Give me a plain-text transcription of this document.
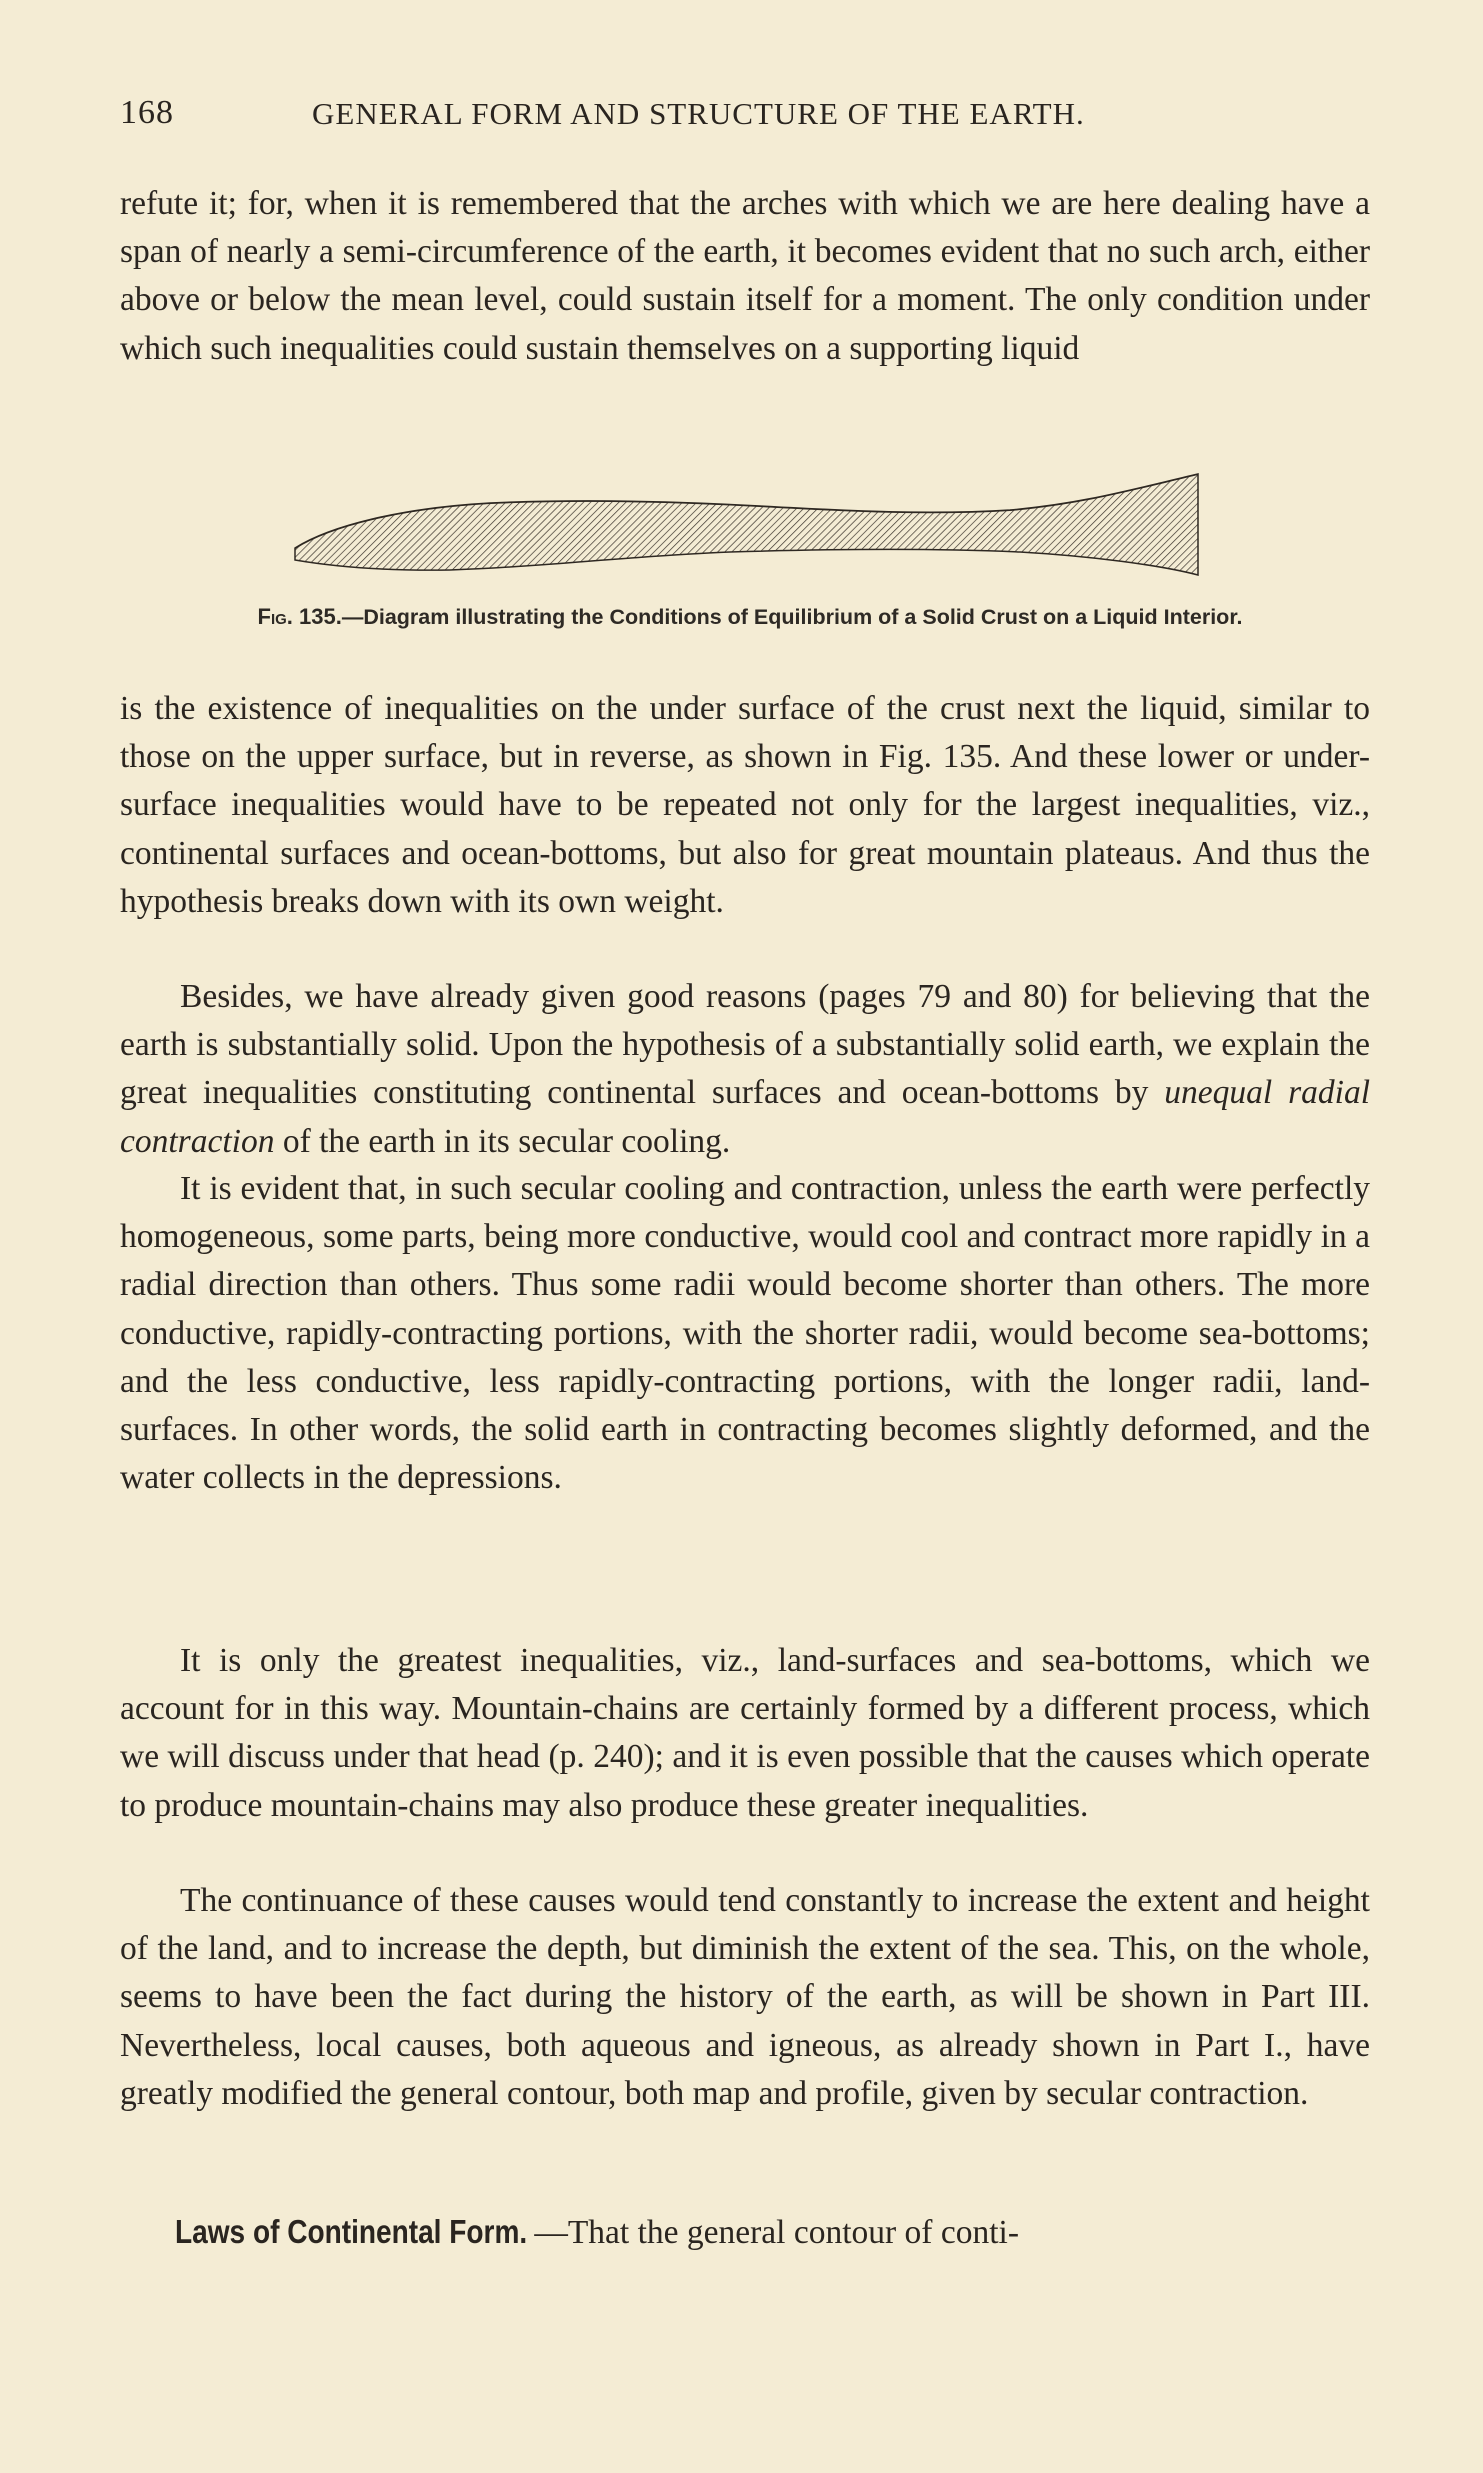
168	GENERAL FORM AND STRUCTURE OF THE EARTH.

refute it; for, when it is remembered that the arches with which we are here dealing have a span of nearly a semi-circumference of the earth, it becomes evident that no such arch, either above or below the mean level, could sustain itself for a moment. The only condition under which such inequalities could sustain themselves on a supporting liquid

Fig. 135.—Diagram illustrating the Conditions of Equilibrium of a Solid Crust on a Liquid Interior.

is the existence of inequalities on the under surface of the crust next the liquid, similar to those on the upper surface, but in reverse, as shown in Fig. 135. And these lower or under-surface inequalities would have to be repeated not only for the largest inequalities, viz., continental surfaces and ocean-bottoms, but also for great mountain plateaus. And thus the hypothesis breaks down with its own weight.

Besides, we have already given good reasons (pages 79 and 80) for believing that the earth is substantially solid. Upon the hypothesis of a substantially solid earth, we explain the great inequalities constituting continental surfaces and ocean-bottoms by unequal radial contraction of the earth in its secular cooling.

It is evident that, in such secular cooling and contraction, unless the earth were perfectly homogeneous, some parts, being more conductive, would cool and contract more rapidly in a radial direction than others. Thus some radii would become shorter than others. The more conductive, rapidly-contracting portions, with the shorter radii, would become sea-bottoms; and the less conductive, less rapidly-contracting portions, with the longer radii, land-surfaces. In other words, the solid earth in contracting becomes slightly deformed, and the water collects in the depressions.

It is only the greatest inequalities, viz., land-surfaces and sea-bottoms, which we account for in this way. Mountain-chains are certainly formed by a different process, which we will discuss under that head (p. 240); and it is even possible that the causes which operate to produce mountain-chains may also produce these greater inequalities.

The continuance of these causes would tend constantly to increase the extent and height of the land, and to increase the depth, but diminish the extent of the sea. This, on the whole, seems to have been the fact during the history of the earth, as will be shown in Part III. Nevertheless, local causes, both aqueous and igneous, as already shown in Part I., have greatly modified the general contour, both map and profile, given by secular contraction.

Laws of Continental Form. —That the general contour of conti-
